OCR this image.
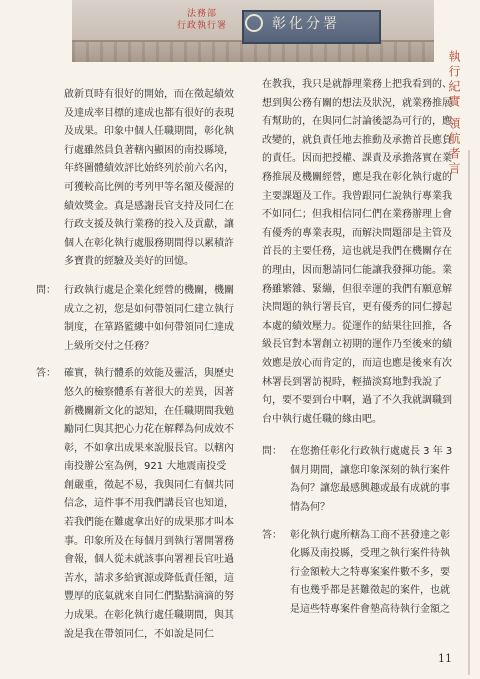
法務部
行政執行署	彰化分署
執行紀實 領航者言

啟新頁時有很好的開始，而在徵起績效及達成率目標的達成也都有很好的表現及成果。印象中個人任職期間，彰化執行處雖然員負著轄內顯困的南投縣境，年終圖體績效評比始終列於前六名內，可獲較高比例的考列甲等名額及優渥的績效獎金。真是感謝長官支持及同仁在行政支援及執行業務的投入及貢獻，讓個人在彰化執行處服務期間得以累積許多寶貴的經驗及美好的回憶。

問： 行政執行處是企業化經營的機關，機關成立之初，您是如何帶領同仁建立執行制度，在箪路籃縷中如何帶領同仁達成上級所交付之任務？
答： 確實，執行體系的效能及靈活，與歷史悠久的檢察體系有著很大的差異，因著新機關新文化的認知，在任職期間我勉勵同仁與其把心力花在解釋為何成效不彰，不如拿出成果來說服長官。以轄內南投辦公室為例，921 大地震南投受創嚴重，徵起不易，我與同仁有個共同信念，這件事不用我們講長官也知道，若我們能在難處拿出好的成果那才叫本事。印象所及在每個月到執行署開署務會報，個人從未就該事向署裡長官吐過苦水，請求多給賓源或降低責任額，這豐厚的底氣就來自同仁們點點滴滴的努力成果。在彰化執行處任職期間，與其說是我在帶領同仁，不如說是同仁
在教我，我只是就靜理業務上把我看到的、想到與公務有關的想法及狀況，就業務推展有幫助的，在與同仁討論後認為可行的，應改變的，就負責任地去推動及承擔首長應負的責任。因而把授權、課責及承擔落實在業務推展及機關經營，應是我在彰化執行處的主要課題及工作。我曾跟同仁說執行專業我不如同仁；但我相信同仁們在業務辦理上會有優秀的專業表現，而解決問題卻是主管及首長的主要任務，這也就是我們在機關存在的理由，因而懇請同仁能讓我發揮功能。業務雖繁雜、緊繃，但很幸運的我們有願意解決問題的執行署長官，更有優秀的同仁撐起本處的績效壓力。從運作的結果往回推，各級長官對本署創立初期的運作乃至後來的績效應是放心而肯定的，而這也應是後來有次林署長到署訪視時，輕描淡寫地對我說了句，要不要到台中啊，過了不久我就調職到台中執行處任職的緣由吧。
問： 在您擔任彰化行政執行處處長 3 年 3 個月期間，讓您印象深刻的執行案件為何？讓您最感興趣或最有成就的事情為何？
答： 彰化執行處所轄為工商不甚發達之彰化縣及南投縣，受理之執行案件待執行金額較大之特專案案件數不多，要有也幾乎都是甚難徵起的案件，也就是這些特專案件會墊高待執行金額之
11
